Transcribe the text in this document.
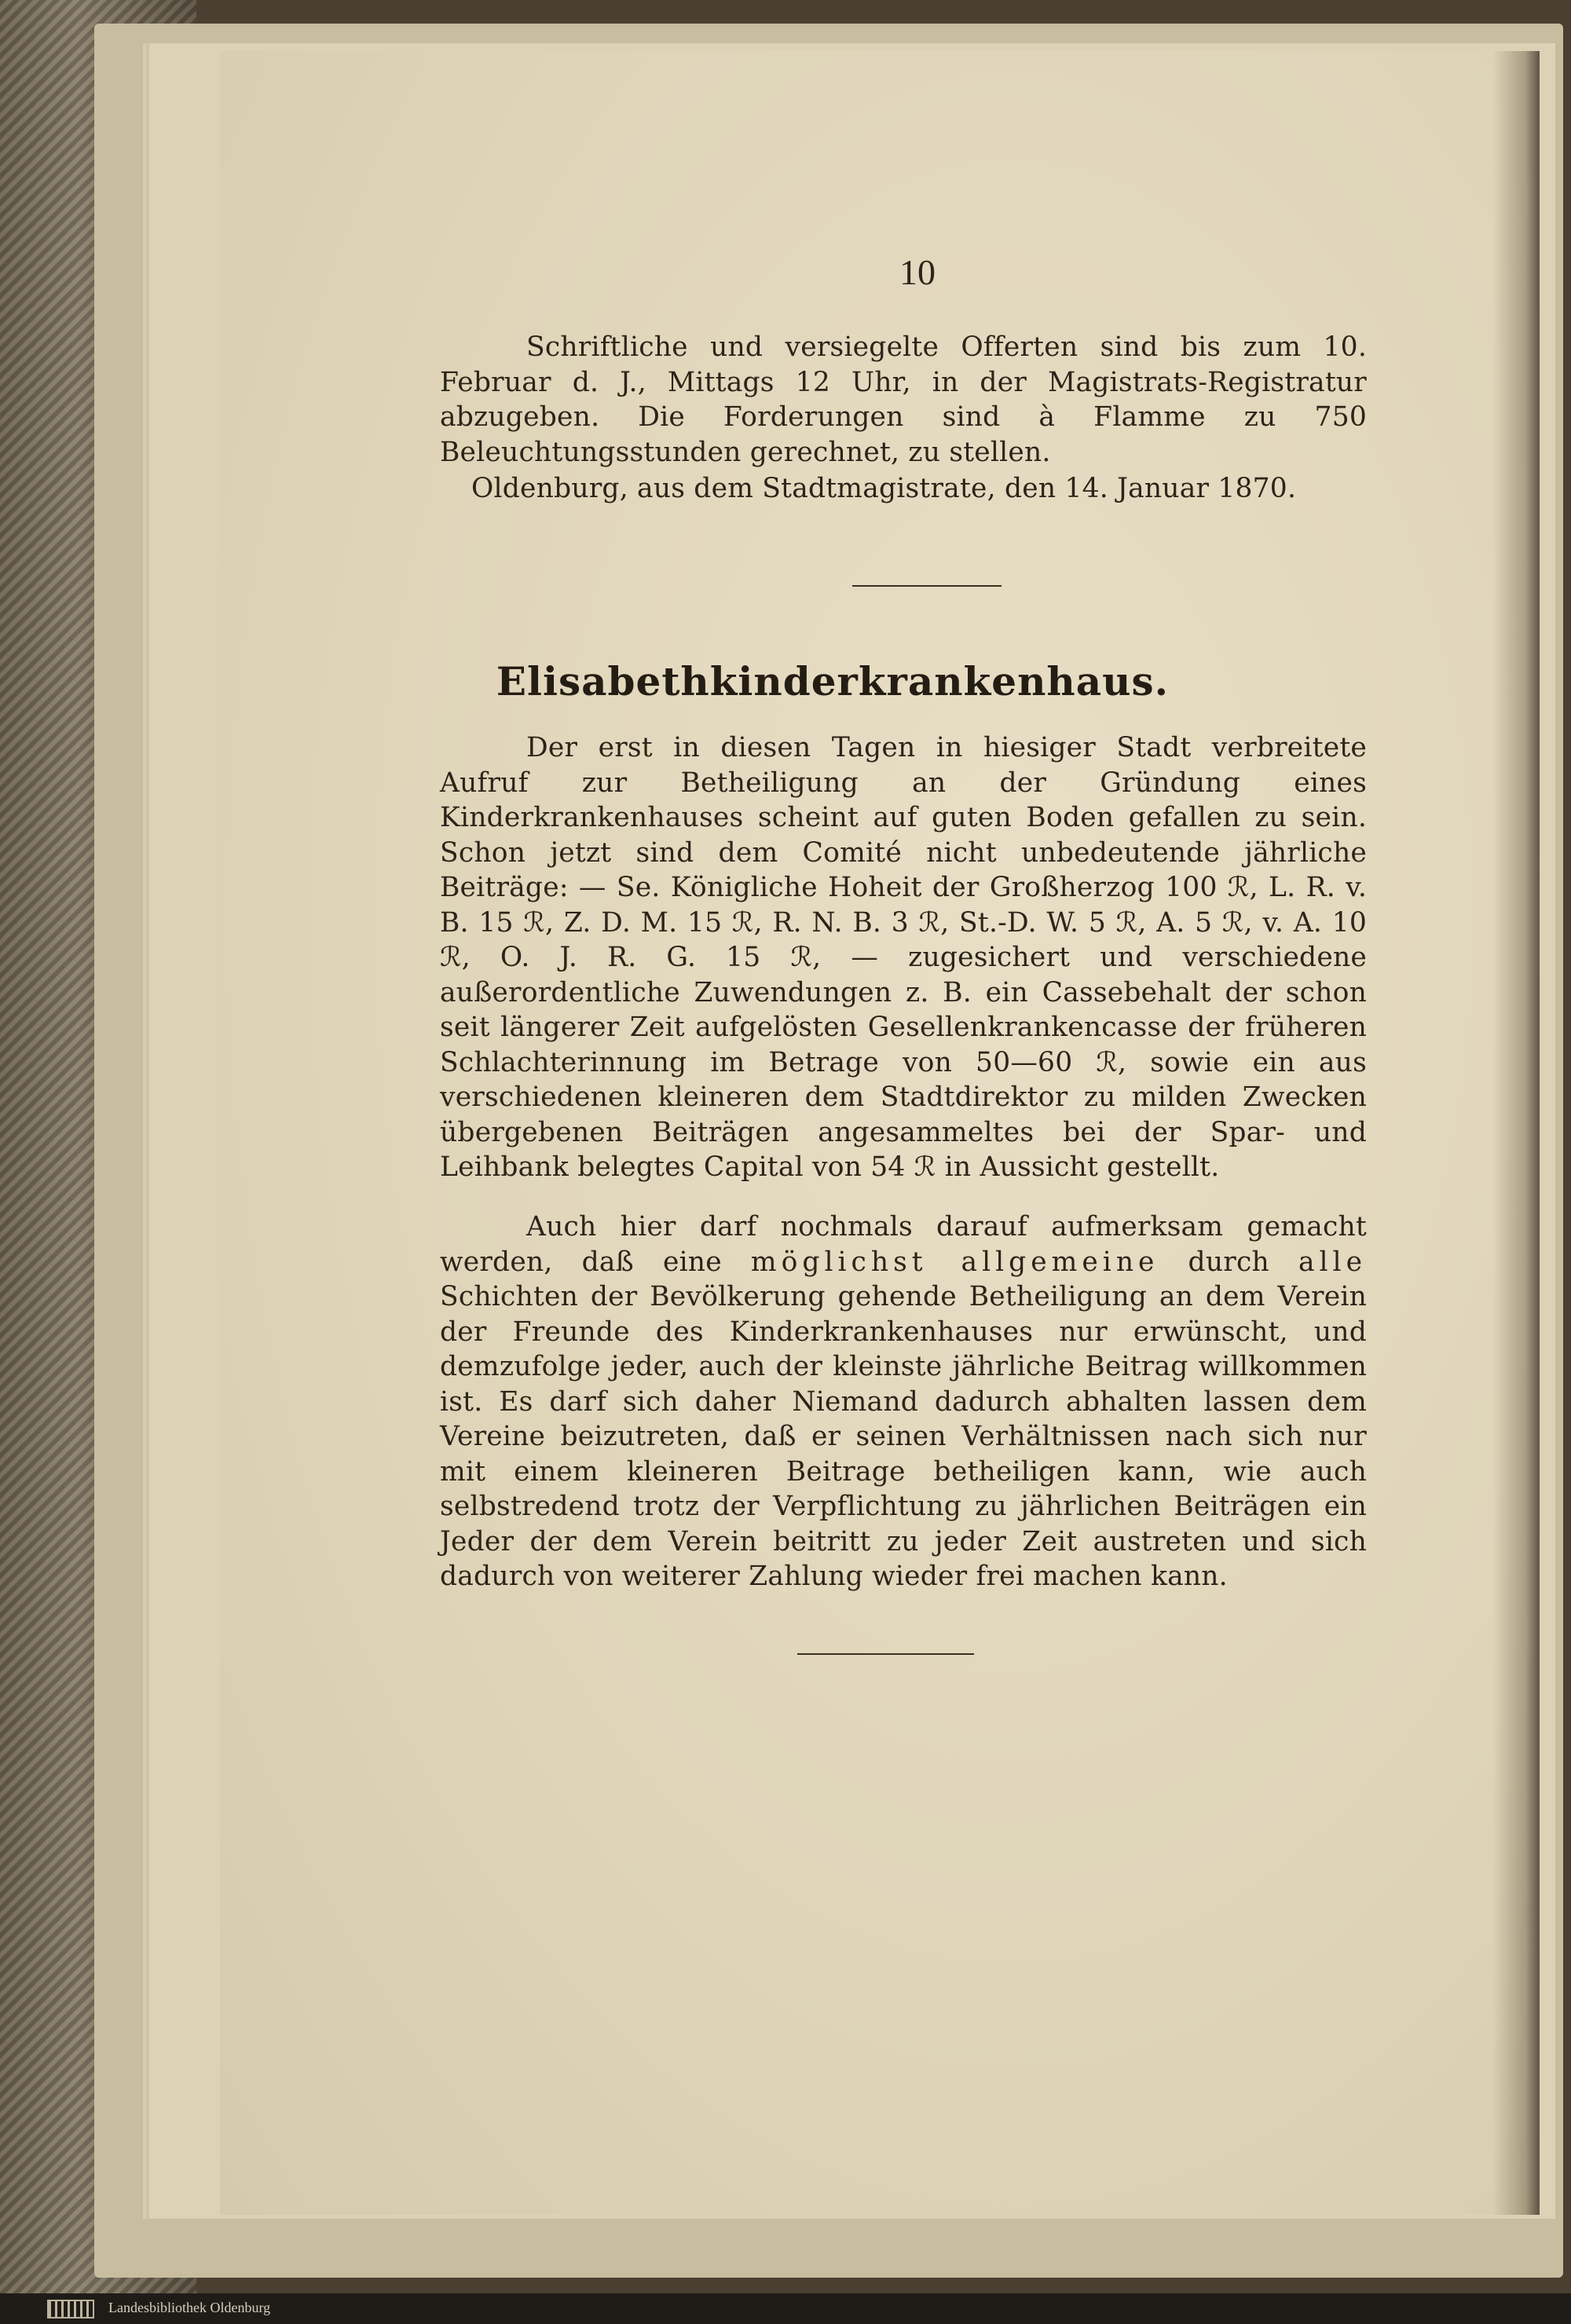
10
Schriftliche und versiegelte Offerten sind bis zum 10. Februar d. J., Mittags 12 Uhr, in der Magistrats-Registratur abzugeben. Die Forderungen sind à Flamme zu 750 Beleuchtungsstunden gerechnet, zu stellen.
Oldenburg, aus dem Stadtmagistrate, den 14. Januar 1870.
Elisabethkinderkrankenhaus.
Der erst in diesen Tagen in hiesiger Stadt verbreitete Aufruf zur Betheiligung an der Gründung eines Kinderkrankenhauses scheint auf guten Boden gefallen zu sein. Schon jetzt sind dem Comité nicht unbedeutende jährliche Beiträge: — Se. Königliche Hoheit der Großherzog 100 ℛ︎, L. R. v. B. 15 ℛ︎, Z. D. M. 15 ℛ︎, R. N. B. 3 ℛ︎, St.-D. W. 5 ℛ︎, A. 5 ℛ︎, v. A. 10 ℛ︎, O. J. R. G. 15 ℛ︎, — zugesichert und verschiedene außerordentliche Zuwendungen z. B. ein Cassebehalt der schon seit längerer Zeit aufgelösten Gesellenkrankencasse der früheren Schlachterinnung im Betrage von 50—60 ℛ︎, sowie ein aus verschiedenen kleineren dem Stadtdirektor zu milden Zwecken übergebenen Beiträgen angesammeltes bei der Spar- und Leihbank belegtes Capital von 54 ℛ︎ in Aussicht gestellt.
Auch hier darf nochmals darauf aufmerksam gemacht werden, daß eine möglichst allgemeine durch alle Schichten der Bevölkerung gehende Betheiligung an dem Verein der Freunde des Kinderkrankenhauses nur erwünscht, und demzufolge jeder, auch der kleinste jährliche Beitrag willkommen ist. Es darf sich daher Niemand dadurch abhalten lassen dem Vereine beizutreten, daß er seinen Verhältnissen nach sich nur mit einem kleineren Beitrage betheiligen kann, wie auch selbstredend trotz der Verpflichtung zu jährlichen Beiträgen ein Jeder der dem Verein beitritt zu jeder Zeit austreten und sich dadurch von weiterer Zahlung wieder frei machen kann.
Landesbibliothek Oldenburg
